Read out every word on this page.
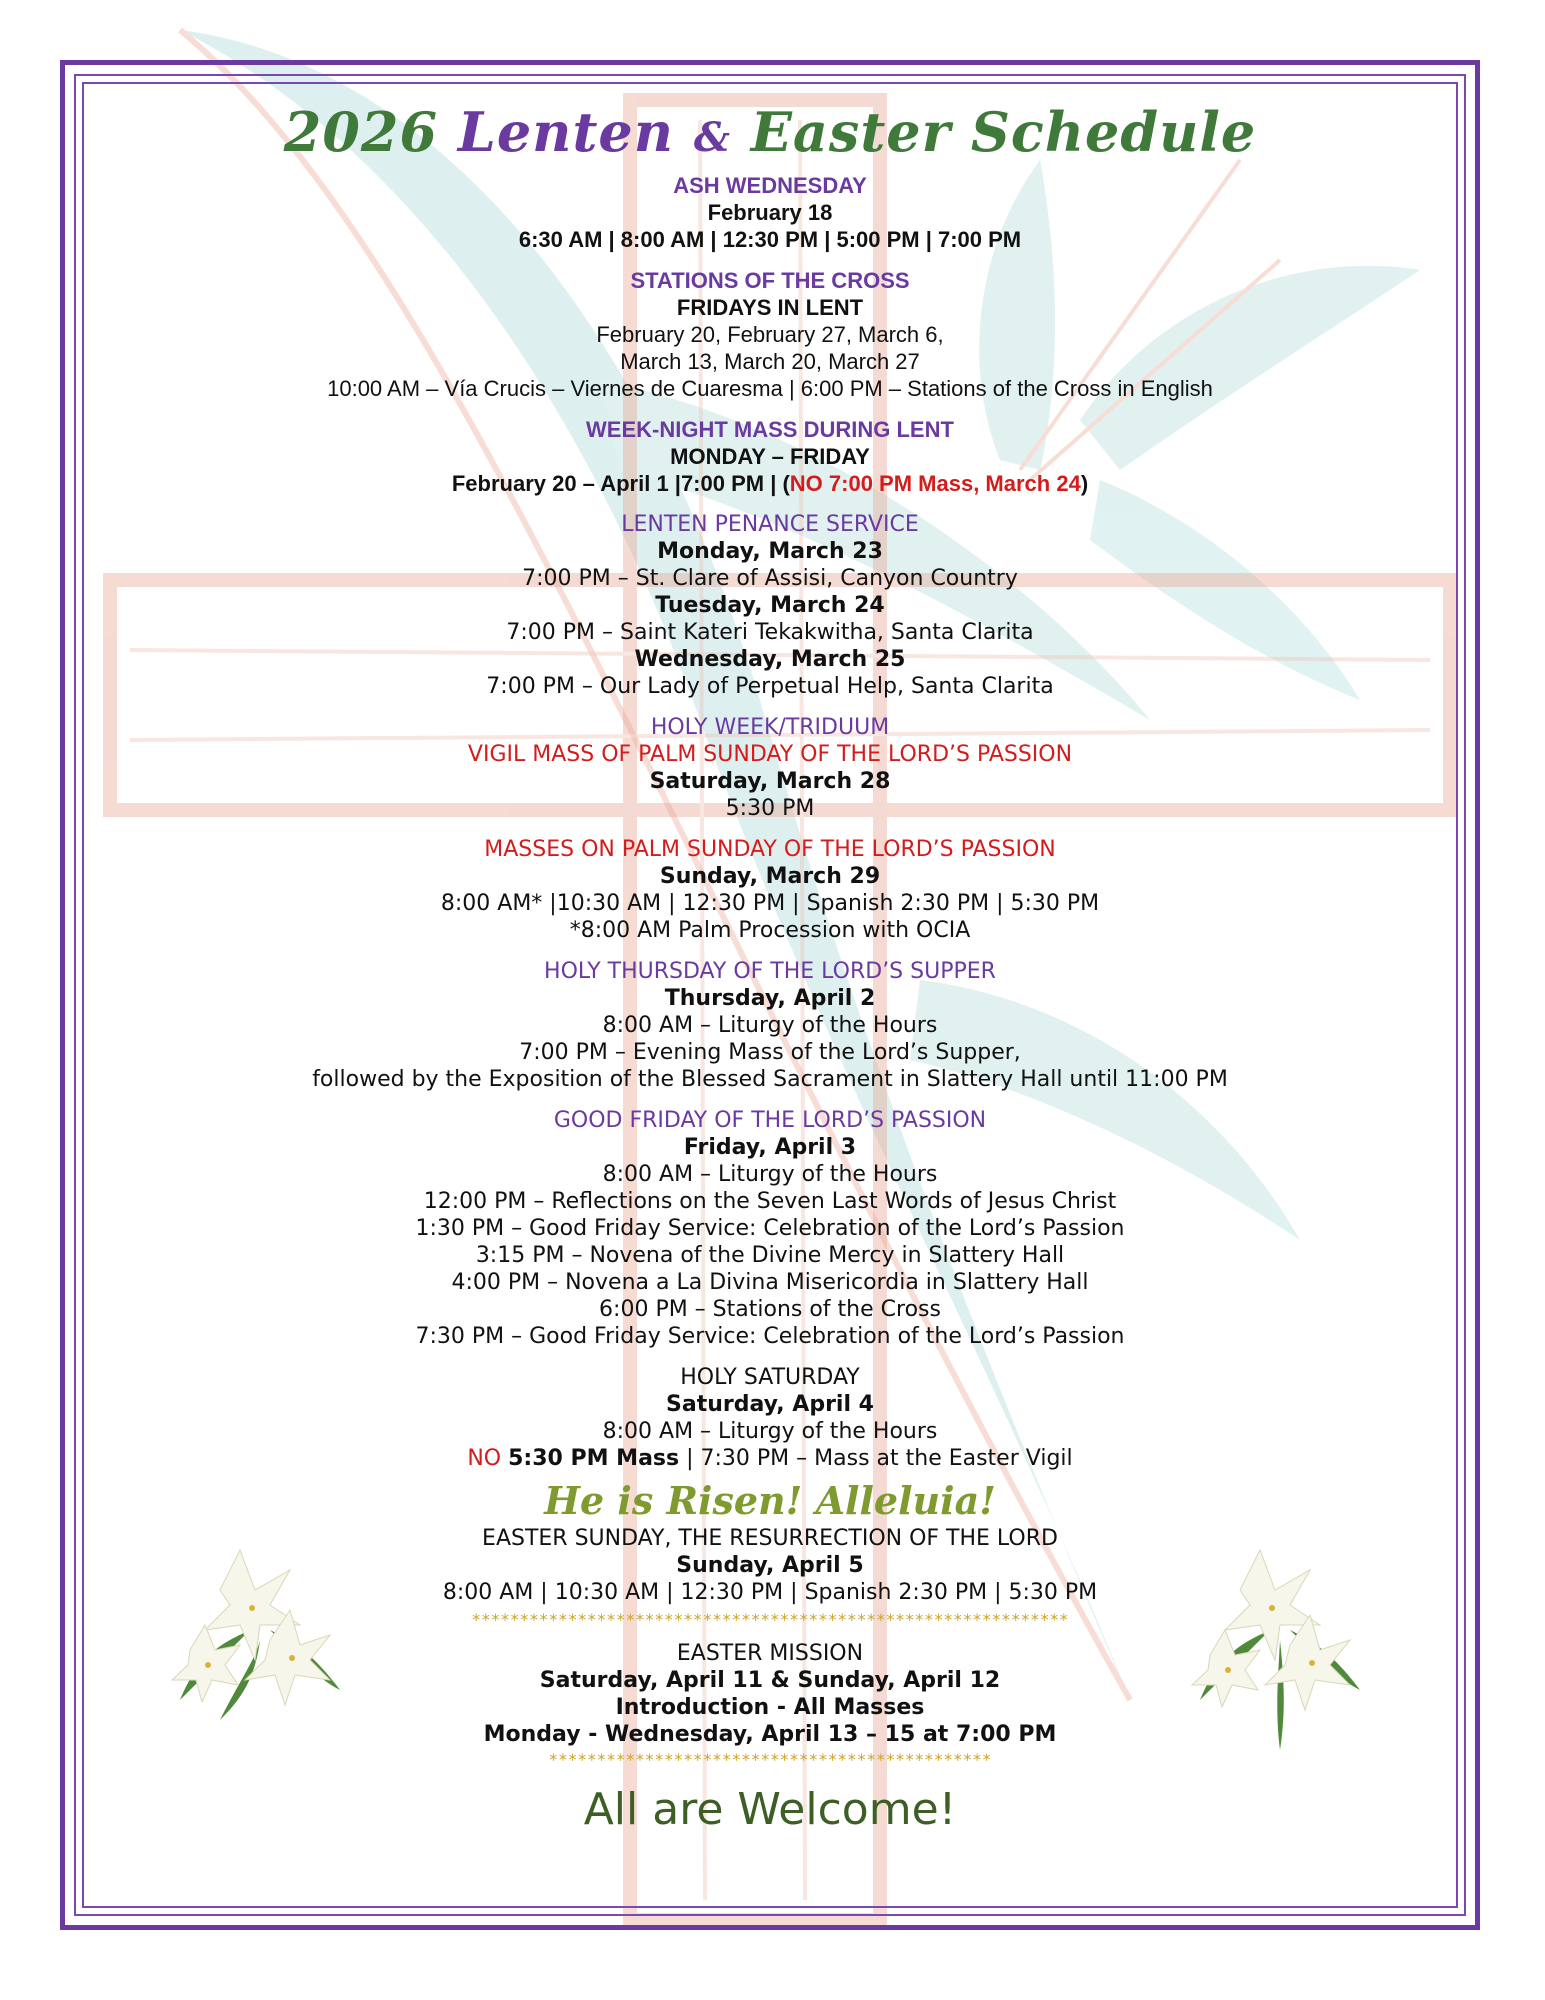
2026 Lenten & Easter Schedule
ASH WEDNESDAY
February 18
6:30 AM | 8:00 AM | 12:30 PM | 5:00 PM | 7:00 PM
STATIONS OF THE CROSS
FRIDAYS IN LENT
February 20, February 27, March 6,
March 13, March 20, March 27
10:00 AM – Vía Crucis – Viernes de Cuaresma | 6:00 PM – Stations of the Cross in English
WEEK-NIGHT MASS DURING LENT
MONDAY – FRIDAY
February 20 – April 1 |7:00 PM | (NO 7:00 PM Mass, March 24)
LENTEN PENANCE SERVICE
Monday, March 23
7:00 PM – St. Clare of Assisi, Canyon Country
Tuesday, March 24
7:00 PM – Saint Kateri Tekakwitha, Santa Clarita
Wednesday, March 25
7:00 PM – Our Lady of Perpetual Help, Santa Clarita
HOLY WEEK/TRIDUUM
VIGIL MASS OF PALM SUNDAY OF THE LORD’S PASSION
Saturday, March 28
5:30 PM
MASSES ON PALM SUNDAY OF THE LORD’S PASSION
Sunday, March 29
8:00 AM* |10:30 AM | 12:30 PM | Spanish 2:30 PM | 5:30 PM
*8:00 AM Palm Procession with OCIA
HOLY THURSDAY OF THE LORD’S SUPPER
Thursday, April 2
8:00 AM – Liturgy of the Hours
7:00 PM – Evening Mass of the Lord’s Supper,
followed by the Exposition of the Blessed Sacrament in Slattery Hall until 11:00 PM
GOOD FRIDAY OF THE LORD’S PASSION
Friday, April 3
8:00 AM – Liturgy of the Hours
12:00 PM – Reflections on the Seven Last Words of Jesus Christ
1:30 PM – Good Friday Service: Celebration of the Lord’s Passion
3:15 PM – Novena of the Divine Mercy in Slattery Hall
4:00 PM – Novena a La Divina Misericordia in Slattery Hall
6:00 PM – Stations of the Cross
7:30 PM – Good Friday Service: Celebration of the Lord’s Passion
HOLY SATURDAY
Saturday, April 4
8:00 AM – Liturgy of the Hours
NO 5:30 PM Mass | 7:30 PM – Mass at the Easter Vigil
He is Risen! Alleluia!
EASTER SUNDAY, THE RESURRECTION OF THE LORD
Sunday, April 5
8:00 AM | 10:30 AM | 12:30 PM | Spanish 2:30 PM | 5:30 PM
**************************************************************
EASTER MISSION
Saturday, April 11 & Sunday, April 12
Introduction - All Masses
Monday - Wednesday, April 13 – 15 at 7:00 PM
**********************************************
All are Welcome!
